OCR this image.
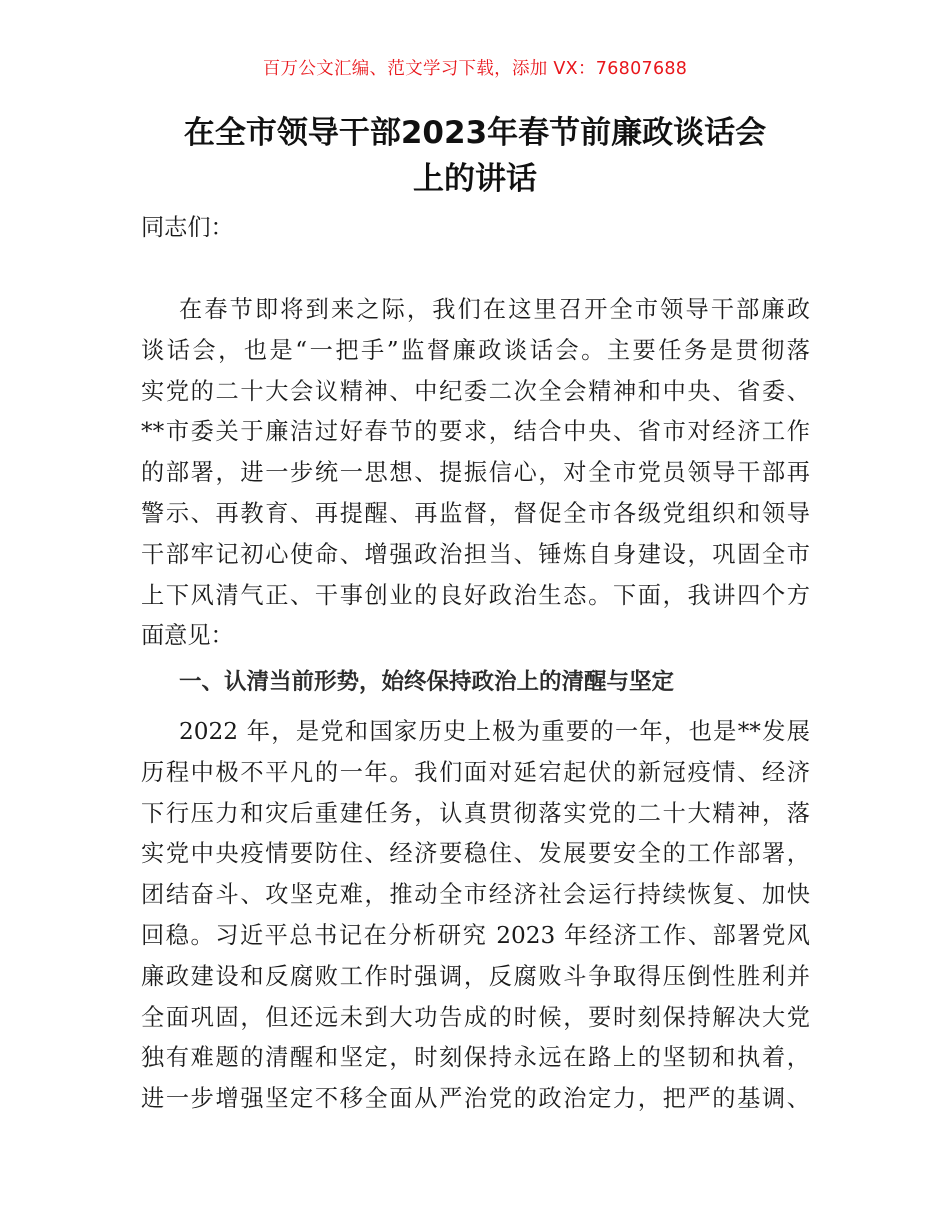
百万公文汇编、范文学习下载，添加 VX：76807688
在全市领导干部2023年春节前廉政谈话会
上的讲话
同志们：
在春节即将到来之际，我们在这里召开全市领导干部廉政
谈话会，也是“一把手”监督廉政谈话会。主要任务是贯彻落
实党的二十大会议精神、中纪委二次全会精神和中央、省委、
**市委关于廉洁过好春节的要求，结合中央、省市对经济工作
的部署，进一步统一思想、提振信心，对全市党员领导干部再
警示、再教育、再提醒、再监督，督促全市各级党组织和领导
干部牢记初心使命、增强政治担当、锤炼自身建设，巩固全市
上下风清气正、干事创业的良好政治生态。下面，我讲四个方
面意见：
一、认清当前形势，始终保持政治上的清醒与坚定
2022 年，是党和国家历史上极为重要的一年，也是**发展
历程中极不平凡的一年。我们面对延宕起伏的新冠疫情、经济
下行压力和灾后重建任务，认真贯彻落实党的二十大精神，落
实党中央疫情要防住、经济要稳住、发展要安全的工作部署，
团结奋斗、攻坚克难，推动全市经济社会运行持续恢复、加快
回稳。习近平总书记在分析研究 2023 年经济工作、部署党风
廉政建设和反腐败工作时强调，反腐败斗争取得压倒性胜利并
全面巩固，但还远未到大功告成的时候，要时刻保持解决大党
独有难题的清醒和坚定，时刻保持永远在路上的坚韧和执着，
进一步增强坚定不移全面从严治党的政治定力，把严的基调、
